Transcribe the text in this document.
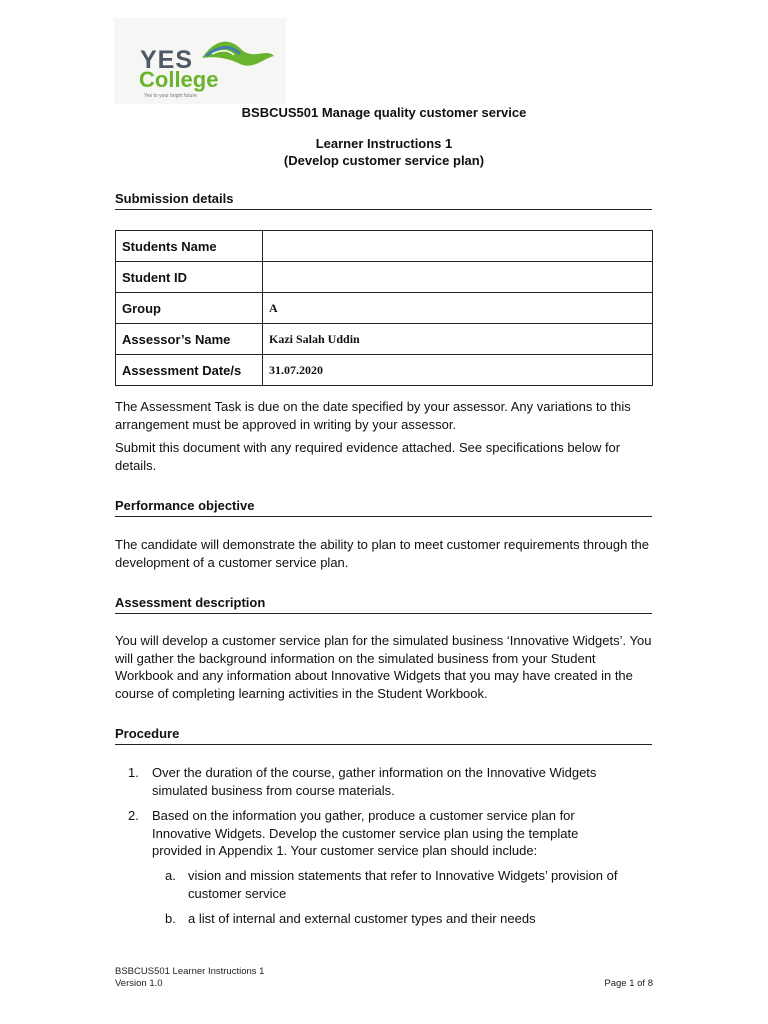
YES
College
Yes to your bright future
BSBCUS501 Manage quality customer service
Learner Instructions 1
(Develop customer service plan)
Submission details
Students Name	
Student ID	
Group	A
Assessor’s Name	Kazi Salah Uddin
Assessment Date/s	31.07.2020
The Assessment Task is due on the date specified by your assessor. Any variations to this arrangement must be approved in writing by your assessor.
Submit this document with any required evidence attached. See specifications below for details.
Performance objective
The candidate will demonstrate the ability to plan to meet customer requirements through the development of a customer service plan.
Assessment description
You will develop a customer service plan for the simulated business ‘Innovative Widgets’. You will gather the background information on the simulated business from your Student Workbook and any information about Innovative Widgets that you may have created in the course of completing learning activities in the Student Workbook.
Procedure
1. Over the duration of the course, gather information on the Innovative Widgets simulated business from course materials.
2. Based on the information you gather, produce a customer service plan for Innovative Widgets. Develop the customer service plan using the template provided in Appendix 1. Your customer service plan should include:
a. vision and mission statements that refer to Innovative Widgets’ provision of customer service
b. a list of internal and external customer types and their needs
BSBCUS501 Learner Instructions 1
Version 1.0	Page 1 of 8
